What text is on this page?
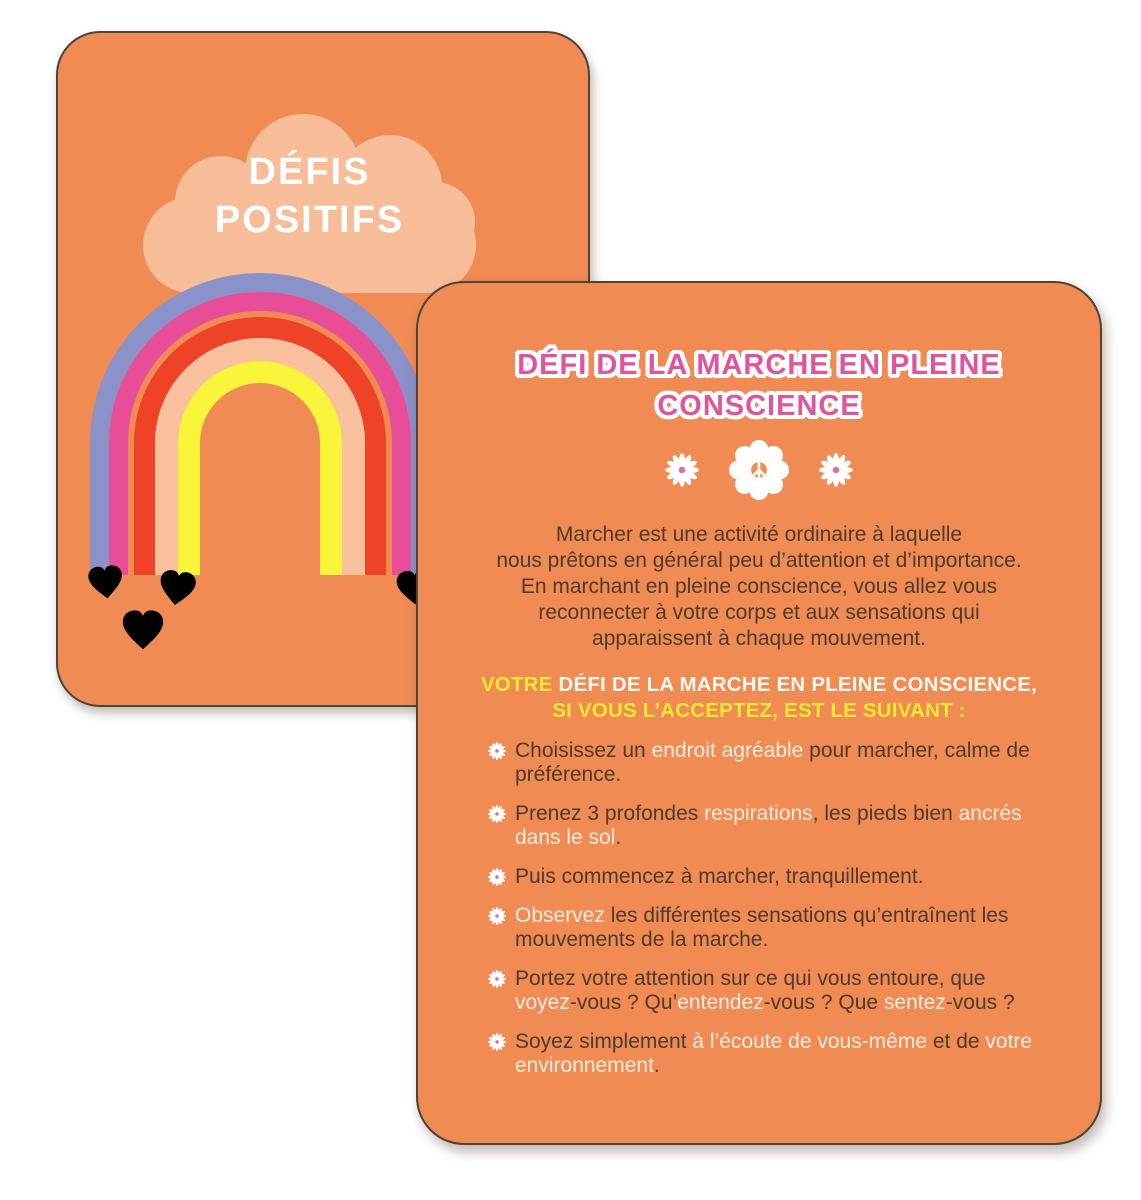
DÉFIS
POSITIFS
DÉFI DE LA MARCHE EN PLEINE
CONSCIENCE
Marcher est une activité ordinaire à laquelle
nous prêtons en général peu d’attention et d’importance.
En marchant en pleine conscience, vous allez vous
reconnecter à votre corps et aux sensations qui
apparaissent à chaque mouvement.
VOTRE DÉFI DE LA MARCHE EN PLEINE CONSCIENCE,
SI VOUS L’ACCEPTEZ, EST LE SUIVANT :
Choisissez un endroit agréable pour marcher, calme de préférence.
Prenez 3 profondes respirations, les pieds bien ancrés dans le sol.
Puis commencez à marcher, tranquillement.
Observez les différentes sensations qu’entraînent les mouvements de la marche.
Portez votre attention sur ce qui vous entoure, que voyez-vous ? Qu’entendez-vous ? Que sentez-vous ?
Soyez simplement à l’écoute de vous-même et de votre environnement.
